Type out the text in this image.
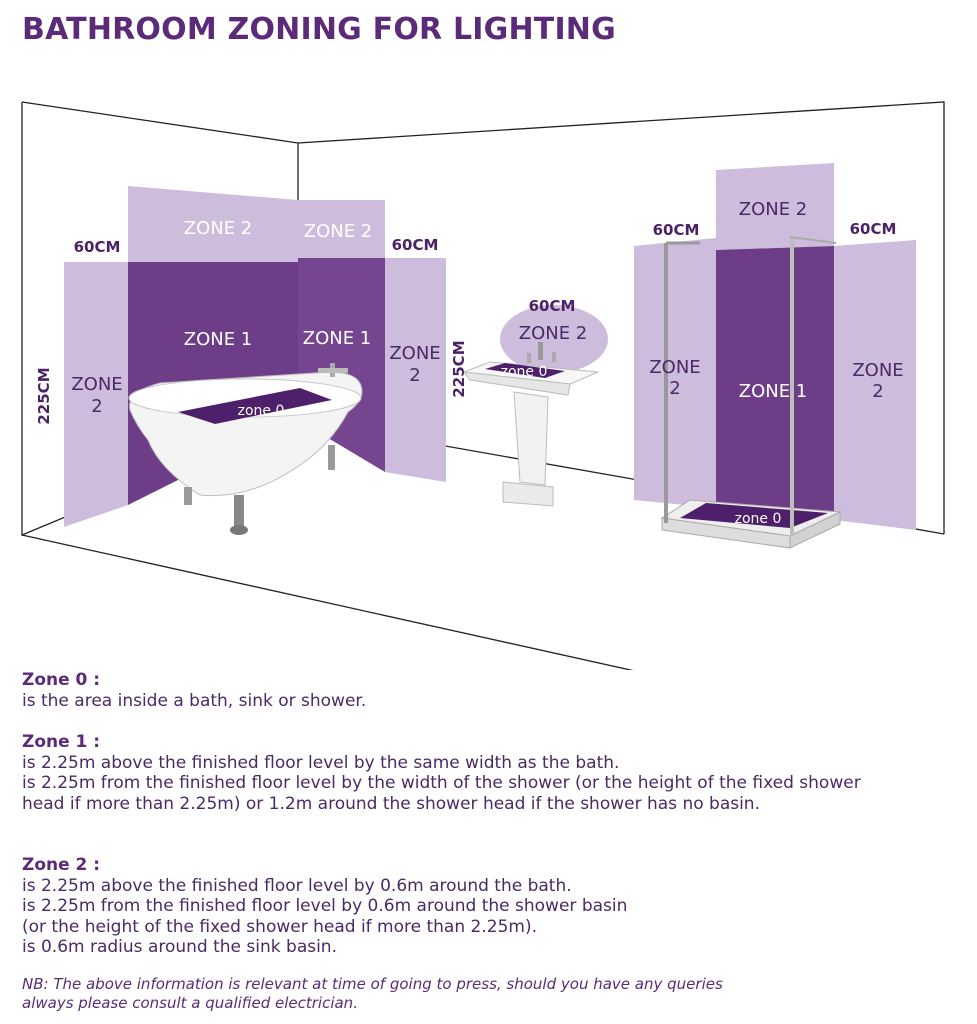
BATHROOM ZONING FOR LIGHTING
ZONE 2	ZONE 2
ZONE 1	ZONE 1
ZONE
2
ZONE
2
zone 0
ZONE 2
zone 0
ZONE 2
ZONE
2	ZONE 1
ZONE
2
zone 0
60CM	60CM
60CM
60CM	60CM
225CM	225CM
Zone 0 :
is the area inside a bath, sink or shower.
Zone 1 :
is 2.25m above the finished floor level by the same width as the bath.
is 2.25m from the finished floor level by the width of the shower (or the height of the fixed shower
head if more than 2.25m) or 1.2m around the shower head if the shower has no basin.
Zone 2 :
is 2.25m above the finished floor level by 0.6m around the bath.
is 2.25m from the finished floor level by 0.6m around the shower basin
(or the height of the fixed shower head if more than 2.25m).
is 0.6m radius around the sink basin.
NB: The above information is relevant at time of going to press, should you have any queries
always please consult a qualified electrician.
